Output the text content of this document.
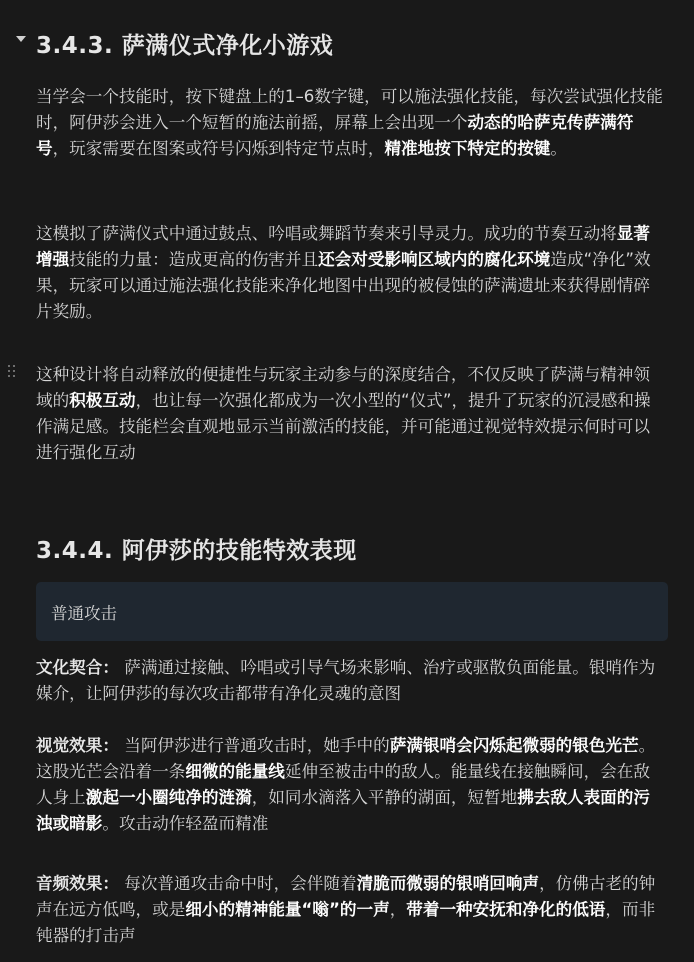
3.4.3. 萨满仪式净化小游戏
当学会一个技能时，按下键盘上的1–6数字键，可以施法强化技能，每次尝试强化技能时，阿伊莎会进入一个短暂的施法前摇，屏幕上会出现一个动态的哈萨克传萨满符号，玩家需要在图案或符号闪烁到特定节点时，精准地按下特定的按键。
这模拟了萨满仪式中通过鼓点、吟唱或舞蹈节奏来引导灵力。成功的节奏互动将显著增强技能的力量：造成更高的伤害并且还会对受影响区域内的腐化环境造成“净化”效果，玩家可以通过施法强化技能来净化地图中出现的被侵蚀的萨满遗址来获得剧情碎片奖励。
这种设计将自动释放的便捷性与玩家主动参与的深度结合，不仅反映了萨满与精神领域的积极互动，也让每一次强化都成为一次小型的“仪式”，提升了玩家的沉浸感和操作满足感。技能栏会直观地显示当前激活的技能，并可能通过视觉特效提示何时可以进行强化互动
3.4.4. 阿伊莎的技能特效表现
普通攻击
文化契合： 萨满通过接触、吟唱或引导气场来影响、治疗或驱散负面能量。银哨作为媒介，让阿伊莎的每次攻击都带有净化灵魂的意图
视觉效果： 当阿伊莎进行普通攻击时，她手中的萨满银哨会闪烁起微弱的银色光芒。这股光芒会沿着一条细微的能量线延伸至被击中的敌人。能量线在接触瞬间，会在敌人身上激起一小圈纯净的涟漪，如同水滴落入平静的湖面，短暂地拂去敌人表面的污浊或暗影。攻击动作轻盈而精准
音频效果： 每次普通攻击命中时，会伴随着清脆而微弱的银哨回响声，仿佛古老的钟声在远方低鸣，或是细小的精神能量“嗡”的一声，带着一种安抚和净化的低语，而非钝器的打击声
